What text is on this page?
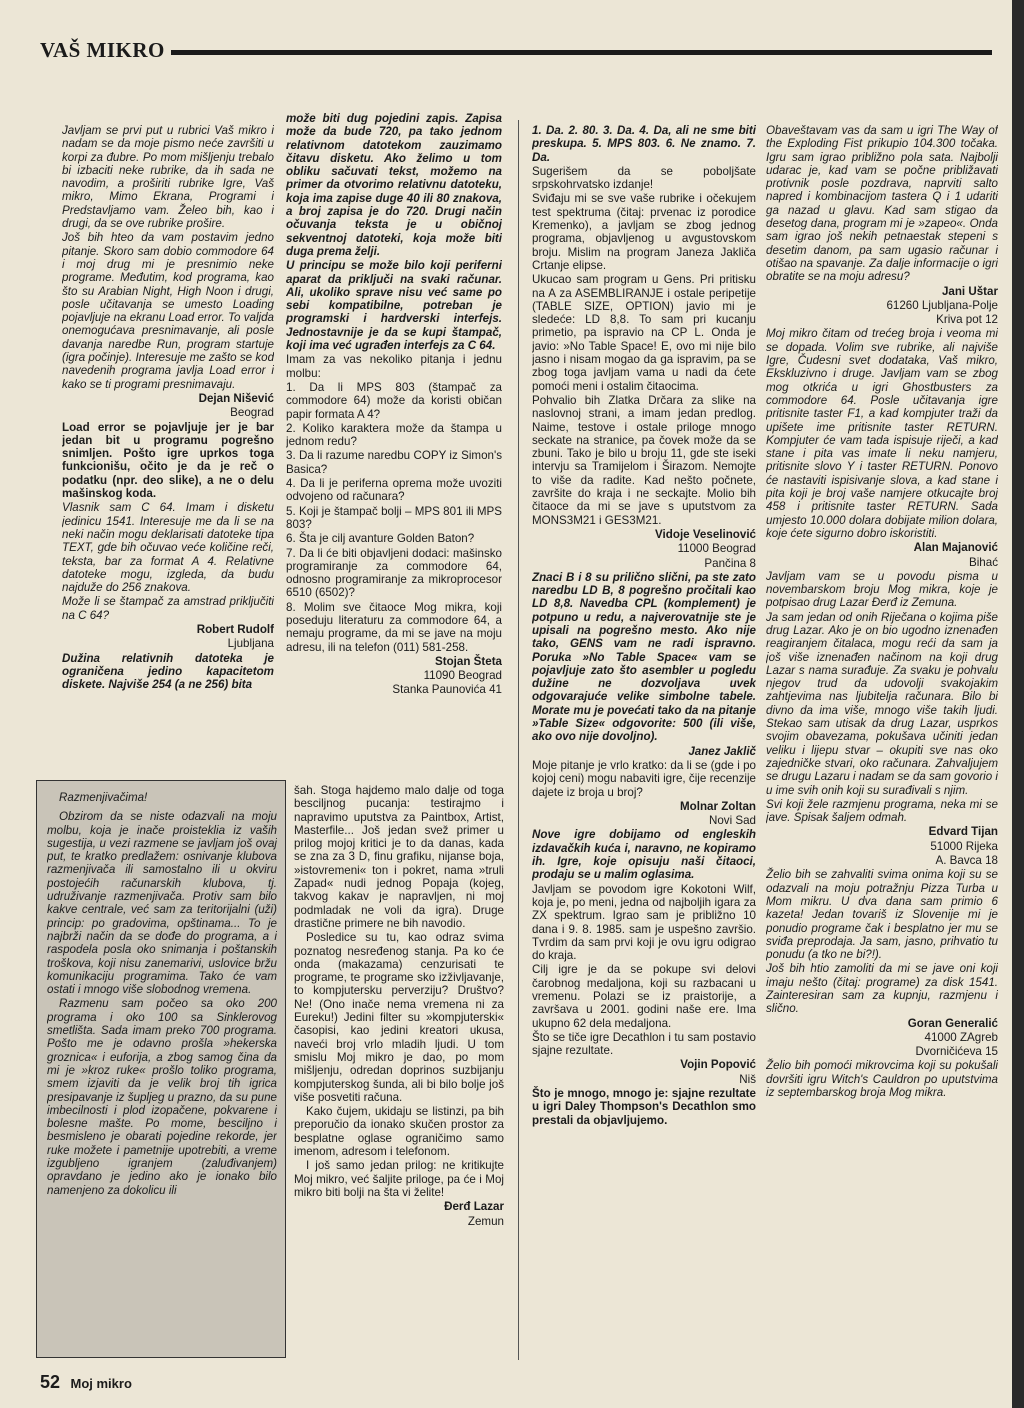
VAŠ MIKRO

Javljam se prvi put u rubrici Vaš mikro i nadam se da moje pismo neće završiti u korpi za đubre. Po mom mišljenju trebalo bi izbaciti neke rubrike, da ih sada ne navodim, a proširiti rubrike Igre, Vaš mikro, Mimo Ekrana, Programi i Predstavljamo vam. Želeo bih, kao i drugi, da se ove rubrike prošire.

Još bih hteo da vam postavim jedno pitanje. Skoro sam dobio commodore 64 i moj drug mi je presnimio neke programe. Međutim, kod programa, kao što su Arabian Night, High Noon i drugi, posle učitavanja se umesto Loading pojavljuje na ekranu Load error. To valjda onemogućava presnimavanje, ali posle davanja naredbe Run, program startuje (igra počinje). Interesuje me zašto se kod navedenih programa javlja Load error i kako se ti programi presnimavaju.

Dejan Nišević

Beograd

Load error se pojavljuje jer je bar jedan bit u programu pogrešno snimljen. Pošto igre uprkos toga funkcionišu, očito je da je reč o podatku (npr. deo slike), a ne o delu mašinskog koda.

Vlasnik sam C 64. Imam i disketu jedinicu 1541. Interesuje me da li se na neki način mogu deklarisati datoteke tipa TEXT, gde bih očuvao veće količine reči, teksta, bar za format A 4. Relativne datoteke mogu, izgleda, da budu najduže do 256 znakova.

Može li se štampač za amstrad priključiti na C 64?

Robert Rudolf

Ljubljana

Dužina relativnih datoteka je ograničena jedino kapacitetom diskete. Najviše 254 (a ne 256) bita

može biti dug pojedini zapis. Zapisa može da bude 720, pa tako jednom relativnom datotekom zauzimamo čitavu disketu. Ako želimo u tom obliku sačuvati tekst, možemo na primer da otvorimo relativnu datoteku, koja ima zapise duge 40 ili 80 znakova, a broj zapisa je do 720. Drugi način očuvanja teksta je u običnoj sekventnoj datoteki, koja može biti duga prema želji.

U principu se može bilo koji periferni aparat da priključi na svaki računar. Ali, ukoliko sprave nisu već same po sebi kompatibilne, potreban je programski i hardverski interfejs. Jednostavnije je da se kupi štampač, koji ima već ugrađen interfejs za C 64.

Imam za vas nekoliko pitanja i jednu molbu:

1. Da li MPS 803 (štampač za commodore 64) može da koristi običan papir formata A 4?

2. Koliko karaktera može da štampa u jednom redu?

3. Da li razume naredbu COPY iz Simon's Basica?

4. Da li je periferna oprema može uvoziti odvojeno od računara?

5. Koji je štampač bolji – MPS 801 ili MPS 803?

6. Šta je cilj avanture Golden Baton?

7. Da li će biti objavljeni dodaci: mašinsko programiranje za commodore 64, odnosno programiranje za mikroprocesor 6510 (6502)?

8. Molim sve čitaoce Mog mikra, koji poseduju literaturu za commodore 64, a nemaju programe, da mi se jave na moju adresu, ili na telefon (011) 581-258.

Stojan Šteta

11090 Beograd

Stanka Paunovića 41

1. Da. 2. 80. 3. Da. 4. Da, ali ne sme biti preskupa. 5. MPS 803. 6. Ne znamo. 7. Da.

Sugerišem da se poboljšate srpskohrvatsko izdanje!

Sviđaju mi se sve vaše rubrike i očekujem test spektruma (čitaj: prvenac iz porodice Kremenko), a javljam se zbog jednog programa, objavljenog u avgustovskom broju. Mislim na program Janeza Jakliča Crtanje elipse.

Ukucao sam program u Gens. Pri pritisku na A za ASEMBLIRANJE i ostale peripetije (TABLE SIZE, OPTION) javio mi je sledeće: LD 8,8. To sam pri kucanju primetio, pa ispravio na CP L. Onda je javio: »No Table Space! E, ovo mi nije bilo jasno i nisam mogao da ga ispravim, pa se zbog toga javljam vama u nadi da ćete pomoći meni i ostalim čitaocima.

Pohvalio bih Zlatka Drčara za slike na naslovnoj strani, a imam jedan predlog. Naime, testove i ostale priloge mnogo seckate na stranice, pa čovek može da se zbuni. Tako je bilo u broju 11, gde ste iseki intervju sa Tramijelom i Širazom. Nemojte to više da radite. Kad nešto počnete, završite do kraja i ne seckajte. Molio bih čitaoce da mi se jave s uputstvom za MONS3M21 i GES3M21.

Vidoje Veselinović

11000 Beograd

Pančina 8

Znaci B i 8 su prilično slični, pa ste zato naredbu LD B, 8 pogrešno pročitali kao LD 8,8. Navedba CPL (komplement) je potpuno u redu, a najverovatnije ste je upisali na pogrešno mesto. Ako nije tako, GENS vam ne radi ispravno. Poruka »No Table Space« vam se pojavljuje zato što asembler u pogledu dužine ne dozvoljava uvek odgovarajuće velike simbolne tabele. Morate mu je povećati tako da na pitanje »Table Size« odgovorite: 500 (ili više, ako ovo nije dovoljno).

Janez Jaklič

Moje pitanje je vrlo kratko: da li se (gde i po kojoj ceni) mogu nabaviti igre, čije recenzije dajete iz broja u broj?

Molnar Zoltan

Novi Sad

Nove igre dobijamo od engleskih izdavačkih kuća i, naravno, ne kopiramo ih. Igre, koje opisuju naši čitaoci, prodaju se u malim oglasima.

Javljam se povodom igre Kokotoni Wilf, koja je, po meni, jedna od najboljih igara za ZX spektrum. Igrao sam je približno 10 dana i 9. 8. 1985. sam je uspešno završio. Tvrdim da sam prvi koji je ovu igru odigrao do kraja.

Cilj igre je da se pokupe svi delovi čarobnog medaljona, koji su razbacani u vremenu. Polazi se iz praistorije, a završava u 2001. godini naše ere. Ima ukupno 62 dela medaljona.

Što se tiče igre Decathlon i tu sam postavio sjajne rezultate.

Vojin Popović

Niš

Što je mnogo, mnogo je: sjajne rezultate u igri Daley Thompson's Decathlon smo prestali da objavljujemo.

Obaveštavam vas da sam u igri The Way of the Exploding Fist prikupio 104.300 točaka. Igru sam igrao približno pola sata. Najbolji udarac je, kad vam se počne približavati protivnik posle pozdrava, naprviti salto napred i kombinacijom tastera Q i 1 udariti ga nazad u glavu. Kad sam stigao da desetog dana, program mi je »zapeo«. Onda sam igrao još nekih petnaestak stepeni s desetim danom, pa sam ugasio računar i otišao na spavanje. Za dalje informacije o igri obratite se na moju adresu?

Jani Uštar

61260 Ljubljana-Polje

Kriva pot 12

Moj mikro čitam od trećeg broja i veoma mi se dopada. Volim sve rubrike, ali najviše Igre, Čudesni svet dodataka, Vaš mikro, Ekskluzivno i druge. Javljam vam se zbog mog otkrića u igri Ghostbusters za commodore 64. Posle učitavanja igre pritisnite taster F1, a kad kompjuter traži da upišete ime pritisnite taster RETURN. Kompjuter će vam tada ispisuje riječi, a kad stane i pita vas imate li neku namjeru, pritisnite slovo Y i taster RETURN. Ponovo će nastaviti ispisivanje slova, a kad stane i pita koji je broj vaše namjere otkucajte broj 458 i pritisnite taster RETURN. Sada umjesto 10.000 dolara dobijate milion dolara, koje ćete sigurno dobro iskoristiti.

Alan Majanović

Bihać

Javljam vam se u povodu pisma u novembarskom broju Mog mikra, koje je potpisao drug Lazar Đerđ iz Zemuna.

Ja sam jedan od onih Riječana o kojima piše drug Lazar. Ako je on bio ugodno iznenađen reagiranjem čitalaca, mogu reći da sam ja još više iznenađen načinom na koji drug Lazar s nama surađuje. Za svaku je pohvalu njegov trud da udovolji svakojakim zahtjevima nas ljubitelja računara. Bilo bi divno da ima više, mnogo više takih ljudi. Stekao sam utisak da drug Lazar, usprkos svojim obavezama, pokušava učiniti jedan veliku i lijepu stvar – okupiti sve nas oko zajedničke stvari, oko računara. Zahvaljujem se drugu Lazaru i nadam se da sam govorio i u ime svih onih koji su surađivali s njim.

Svi koji žele razmjenu programa, neka mi se jave. Spisak šaljem odmah.

Edvard Tijan

51000 Rijeka

A. Bavca 18

Želio bih se zahvaliti svima onima koji su se odazvali na moju potražnju Pizza Turba u Mom mikru. U dva dana sam primio 6 kazeta! Jedan tovariš iz Slovenije mi je ponudio programe čak i besplatno jer mu se sviđa preprodaja. Ja sam, jasno, prihvatio tu ponudu (a tko ne bi?!).

Još bih htio zamoliti da mi se jave oni koji imaju nešto (čitaj: programe) za disk 1541. Zainteresiran sam za kupnju, razmjenu i slično.

Goran Generalić

41000 ZAgreb

Dvorničićeva 15

Želio bih pomoći mikrovcima koji su pokušali dovršiti igru Witch's Cauldron po uputstvima iz septembarskog broja Mog mikra.

Razmenjivačima!

Obzirom da se niste odazvali na moju molbu, koja je inače proisteklia iz vaših sugestija, u vezi razmene se javljam još ovaj put, te kratko predlažem: osnivanje klubova razmenjivača ili samostalno ili u okviru postojećih računarskih klubova, tj. udruživanje razmenjivača. Protiv sam bilo kakve centrale, već sam za teritorijalni (uži) princip: po gradovima, opštinama... To je najbrži način da se dođe do programa, a i raspodela posla oko snimanja i poštanskih troškova, koji nisu zanemarivi, uslovice bržu komunikaciju programima. Tako će vam ostati i mnogo više slobodnog vremena.

Razmenu sam počeo sa oko 200 programa i oko 100 sa Sinklerovog smetlišta. Sada imam preko 700 programa. Pošto me je odavno prošla »hekerska groznica« i euforija, a zbog samog čina da mi je »kroz ruke« prošlo toliko programa, smem izjaviti da je velik broj tih igrica presipavanje iz šupljeg u prazno, da su pune imbecilnosti i plod izopačene, pokvarene i bolesne mašte. Po mome, besciljno i besmisleno je obarati pojedine rekorde, jer ruke možete i pametnije upotrebiti, a vreme izgubljeno igranjem (zaluđivanjem) opravdano je jedino ako je ionako bilo namenjeno za dokolicu ili

šah. Stoga hajdemo malo dalje od toga besciljnog pucanja: testirajmo i napravimo uputstva za Paintbox, Artist, Masterfile... Još jedan svež primer u prilog mojoj kritici je to da danas, kada se zna za 3 D, finu grafiku, nijanse boja, »istovremeni« ton i pokret, nama »truli Zapad« nudi jednog Popaja (kojeg, takvog kakav je napravljen, ni moj podmladak ne voli da igra). Druge drastične primere ne bih navodio.

Posledice su tu, kao odraz svima poznatog nesređenog stanja. Pa ko će onda (makazama) cenzurisati te programe, te programe sko izživljavanje, to kompjutersku perverziju? Društvo? Ne! (Ono inače nema vremena ni za Eureku!) Jedini filter su »kompjuterski« časopisi, kao jedini kreatori ukusa, naveći broj vrlo mladih ljudi. U tom smislu Moj mikro je dao, po mom mišljenju, odredan doprinos suzbijanju kompjuterskog šunda, ali bi bilo bolje još više posvetiti računa.

Kako čujem, ukidaju se listinzi, pa bih preporučio da ionako skučen prostor za besplatne oglase ograničimo samo imenom, adresom i telefonom.

I još samo jedan prilog: ne kritikujte Moj mikro, već šaljite priloge, pa će i Moj mikro biti bolji na šta vi želite!

Đerđ Lazar

Zemun

52 Moj mikro
